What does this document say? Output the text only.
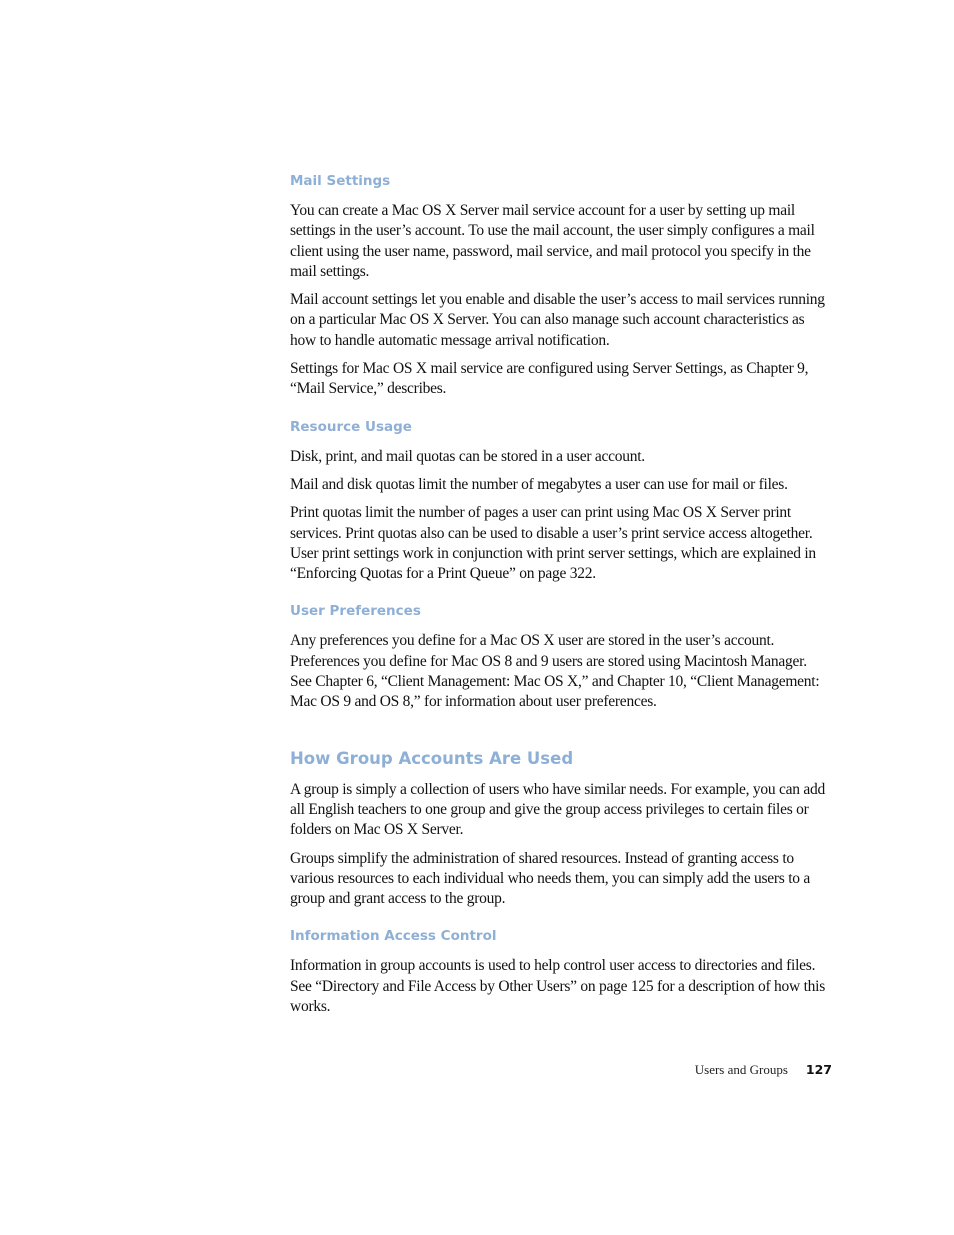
Mail Settings

You can create a Mac OS X Server mail service account for a user by setting up mail settings in the user’s account. To use the mail account, the user simply configures a mail client using the user name, password, mail service, and mail protocol you specify in the mail settings.

Mail account settings let you enable and disable the user’s access to mail services running on a particular Mac OS X Server. You can also manage such account characteristics as how to handle automatic message arrival notification.

Settings for Mac OS X mail service are configured using Server Settings, as Chapter 9, “Mail Service,” describes.

Resource Usage

Disk, print, and mail quotas can be stored in a user account.

Mail and disk quotas limit the number of megabytes a user can use for mail or files.

Print quotas limit the number of pages a user can print using Mac OS X Server print services. Print quotas also can be used to disable a user’s print service access altogether. User print settings work in conjunction with print server settings, which are explained in “Enforcing Quotas for a Print Queue” on page 322.

User Preferences

Any preferences you define for a Mac OS X user are stored in the user’s account. Preferences you define for Mac OS 8 and 9 users are stored using Macintosh Manager. See Chapter 6, “Client Management: Mac OS X,” and Chapter 10, “Client Management: Mac OS 9 and OS 8,” for information about user preferences.

How Group Accounts Are Used

A group is simply a collection of users who have similar needs. For example, you can add all English teachers to one group and give the group access privileges to certain files or folders on Mac OS X Server.

Groups simplify the administration of shared resources. Instead of granting access to various resources to each individual who needs them, you can simply add the users to a group and grant access to the group.

Information Access Control

Information in group accounts is used to help control user access to directories and files. See “Directory and File Access by Other Users” on page 125 for a description of how this works.

Users and Groups 127
